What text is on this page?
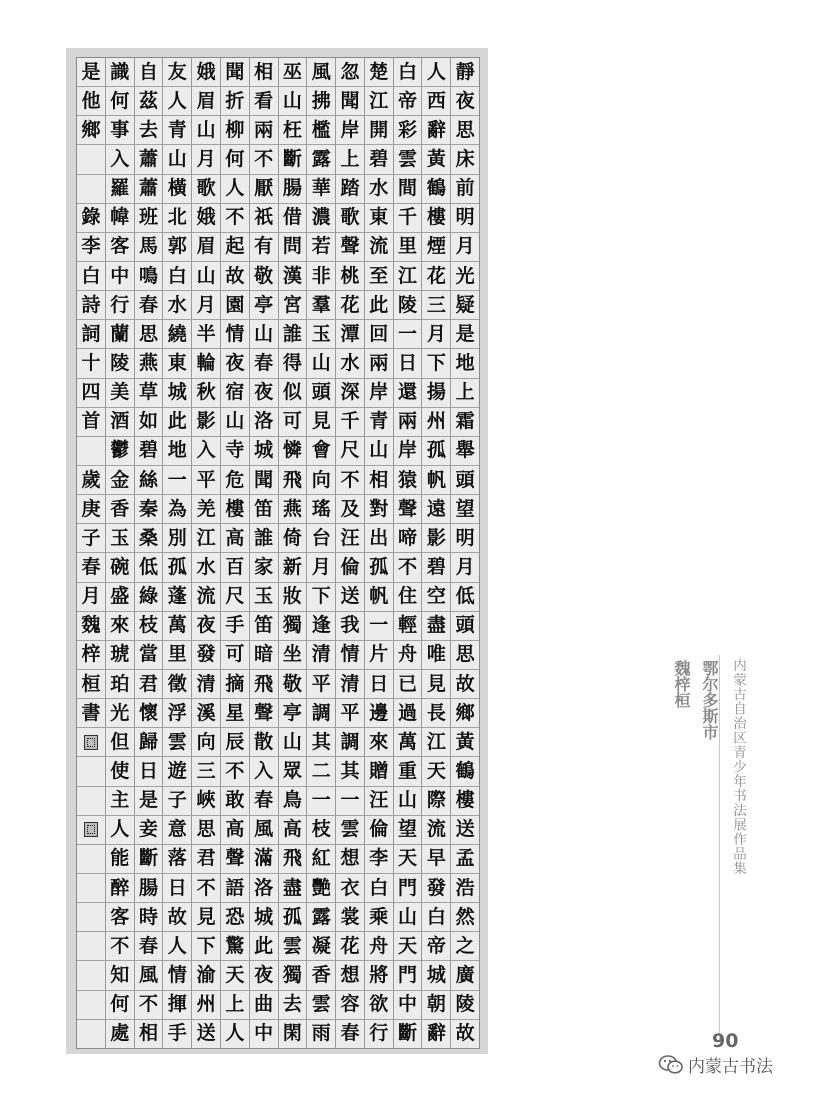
靜
夜
思
床
前
明
月
光
疑
是
地
上
霜
舉
頭
望
明
月
低
頭
思
故
鄉
黃
鶴
樓
送
孟
浩
然
之
廣
陵
故
人
西
辭
黃
鶴
樓
煙
花
三
月
下
揚
州
孤
帆
遠
影
碧
空
盡
唯
見
長
江
天
際
流
早
發
白
帝
城
朝
辭
白
帝
彩
雲
間
千
里
江
陵
一
日
還
兩
岸
猿
聲
啼
不
住
輕
舟
已
過
萬
重
山
望
天
門
山
天
門
中
斷
楚
江
開
碧
水
東
流
至
此
回
兩
岸
青
山
相
對
出
孤
帆
一
片
日
邊
來
贈
汪
倫
李
白
乘
舟
將
欲
行
忽
聞
岸
上
踏
歌
聲
桃
花
潭
水
深
千
尺
不
及
汪
倫
送
我
情
清
平
調
其
一
雲
想
衣
裳
花
想
容
春
風
拂
檻
露
華
濃
若
非
羣
玉
山
頭
見
會
向
瑤
台
月
下
逢
清
平
調
其
二
一
枝
紅
艷
露
凝
香
雲
雨
巫
山
枉
斷
腸
借
問
漢
宮
誰
得
似
可
憐
飛
燕
倚
新
妝
獨
坐
敬
亭
山
眾
鳥
高
飛
盡
孤
雲
獨
去
閑
相
看
兩
不
厭
祇
有
敬
亭
山
春
夜
洛
城
聞
笛
誰
家
玉
笛
暗
飛
聲
散
入
春
風
滿
洛
城
此
夜
曲
中
聞
折
柳
何
人
不
起
故
園
情
夜
宿
山
寺
危
樓
高
百
尺
手
可
摘
星
辰
不
敢
高
聲
語
恐
驚
天
上
人
娥
眉
山
月
歌
娥
眉
山
月
半
輪
秋
影
入
平
羌
江
水
流
夜
發
清
溪
向
三
峽
思
君
不
見
下
渝
州
送
友
人
青
山
橫
北
郭
白
水
繞
東
城
此
地
一
為
別
孤
蓬
萬
里
徵
浮
雲
遊
子
意
落
日
故
人
情
揮
手
自
茲
去
蕭
蕭
班
馬
鳴
春
思
燕
草
如
碧
絲
秦
桑
低
綠
枝
當
君
懷
歸
日
是
妾
斷
腸
時
春
風
不
相
識
何
事
入
羅
幃
客
中
行
蘭
陵
美
酒
鬱
金
香
玉
碗
盛
來
琥
珀
光
但
使
主
人
能
醉
客
不
知
何
處
是
他
鄉
錄
李
白
詩
詞
十
四
首
歲
庚
子
春
月
魏
梓
桓
書	内蒙古自治区青少年书法展作品集
鄂尔多斯市
魏梓桓
90
内蒙古书法
